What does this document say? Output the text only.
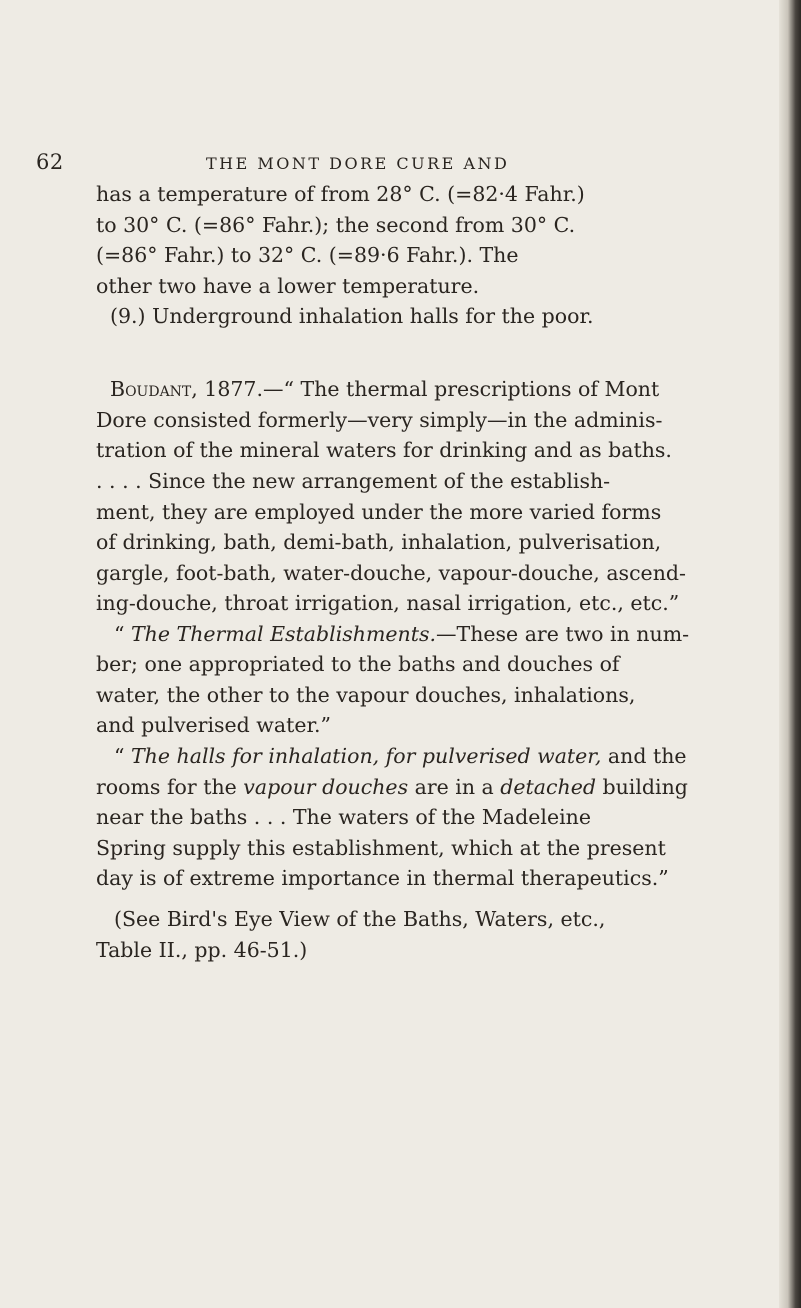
62	THE MONT DORE CURE AND

has a temperature of from 28° C. (=82·4 Fahr.)

to 30° C. (=86° Fahr.); the second from 30° C.

(=86° Fahr.) to 32° C. (=89·6 Fahr.). The

other two have a lower temperature.

(9.) Underground inhalation halls for the poor.

Boudant, 1877.—“ The thermal prescriptions of Mont

Dore consisted formerly—very simply—in the adminis-

tration of the mineral waters for drinking and as baths.

. . . . Since the new arrangement of the establish-

ment, they are employed under the more varied forms

of drinking, bath, demi-bath, inhalation, pulverisation,

gargle, foot-bath, water-douche, vapour-douche, ascend-

ing-douche, throat irrigation, nasal irrigation, etc., etc.”

“ The Thermal Establishments.—These are two in num-

ber; one appropriated to the baths and douches of

water, the other to the vapour douches, inhalations,

and pulverised water.”

“ The halls for inhalation, for pulverised water, and the

rooms for the vapour douches are in a detached building

near the baths . . . The waters of the Madeleine

Spring supply this establishment, which at the present

day is of extreme importance in thermal therapeutics.”

(See Bird's Eye View of the Baths, Waters, etc.,

Table II., pp. 46-51.)
